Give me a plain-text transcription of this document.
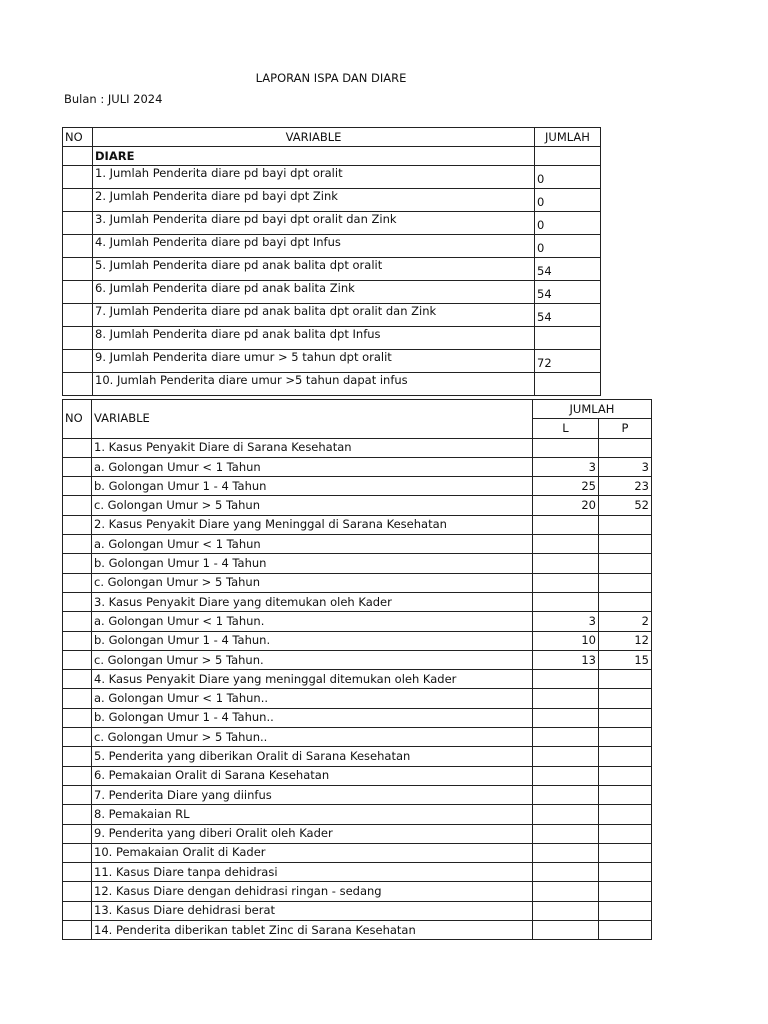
LAPORAN ISPA DAN DIARE
Bulan : JULI 2024
NO	VARIABLE	JUMLAH
	DIARE	
	1. Jumlah Penderita diare pd bayi dpt oralit	0
	2. Jumlah Penderita diare pd bayi dpt Zink	0
	3. Jumlah Penderita diare pd bayi dpt oralit dan Zink	0
	4. Jumlah Penderita diare pd bayi dpt Infus	0
	5. Jumlah Penderita diare pd anak balita dpt oralit	54
	6. Jumlah Penderita diare pd anak balita Zink	54
	7. Jumlah Penderita diare pd anak balita dpt oralit dan Zink	54
	8. Jumlah Penderita diare pd anak balita dpt Infus	
	9. Jumlah Penderita diare umur > 5 tahun dpt oralit	72
	10. Jumlah Penderita diare umur >5 tahun dapat infus	
NO	VARIABLE	JUMLAH	
		L	P
	1. Kasus Penyakit Diare di Sarana Kesehatan		
	a. Golongan Umur < 1 Tahun	3	3
	b. Golongan Umur 1 - 4 Tahun	25	23
	c. Golongan Umur > 5 Tahun	20	52
	2. Kasus Penyakit Diare yang Meninggal di Sarana Kesehatan		
	a. Golongan Umur < 1 Tahun		
	b. Golongan Umur 1 - 4 Tahun		
	c. Golongan Umur > 5 Tahun		
	3. Kasus Penyakit Diare yang ditemukan oleh Kader		
	a. Golongan Umur < 1 Tahun.	3	2
	b. Golongan Umur 1 - 4 Tahun.	10	12
	c. Golongan Umur > 5 Tahun.	13	15
	4. Kasus Penyakit Diare yang meninggal ditemukan oleh Kader		
	a. Golongan Umur < 1 Tahun..		
	b. Golongan Umur 1 - 4 Tahun..		
	c. Golongan Umur > 5 Tahun..		
	5. Penderita yang diberikan Oralit di Sarana Kesehatan		
	6. Pemakaian Oralit di Sarana Kesehatan		
	7. Penderita Diare yang diinfus		
	8. Pemakaian RL		
	9. Penderita yang diberi Oralit oleh Kader		
	10. Pemakaian Oralit di Kader		
	11. Kasus Diare tanpa dehidrasi		
	12. Kasus Diare dengan dehidrasi ringan - sedang		
	13. Kasus Diare dehidrasi berat		
	14. Penderita diberikan tablet Zinc di Sarana Kesehatan		
